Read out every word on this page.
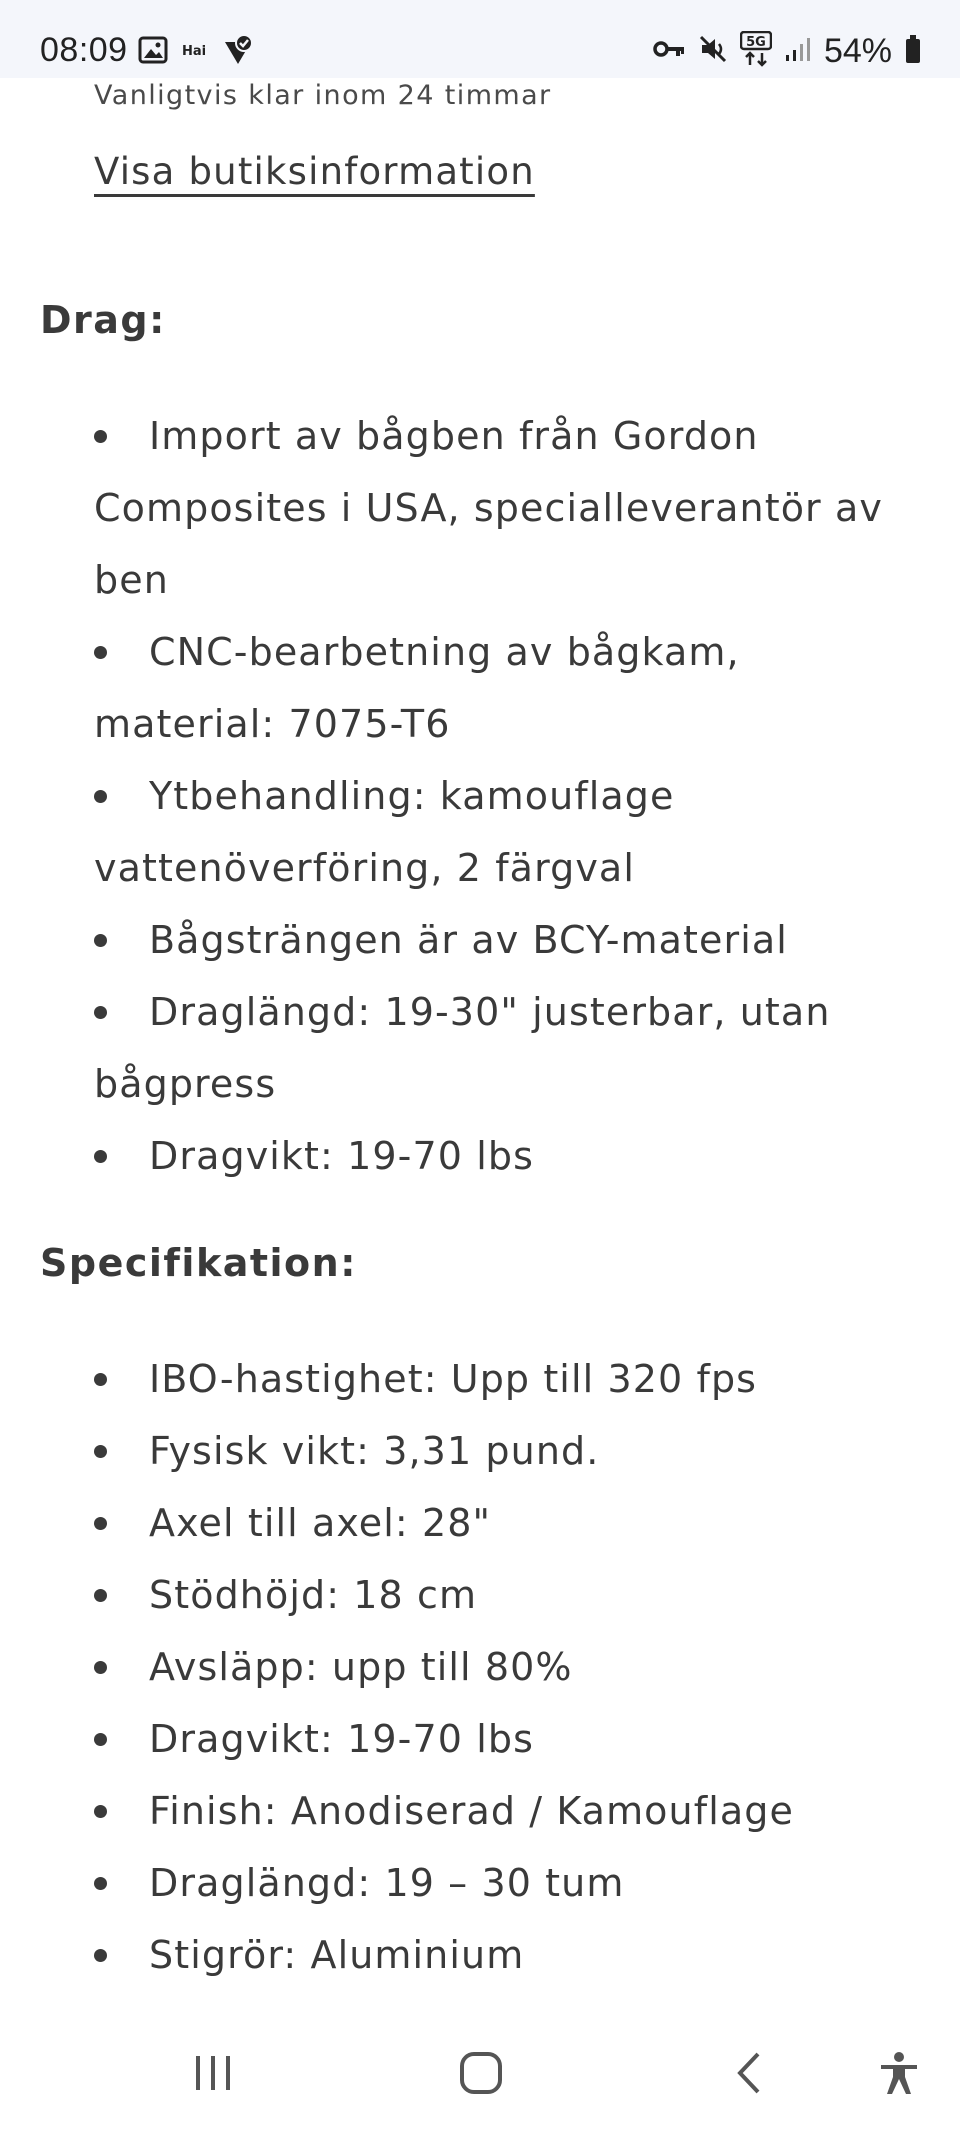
08:09	Hai
5G 54%
Vanligtvis klar inom 24 timmar
Visa butiksinformation
Drag:
Import av bågben från Gordon Composites i USA, specialleverantör av ben
CNC-bearbetning av bågkam, material: 7075-T6
Ytbehandling: kamouflage vattenöverföring, 2 färgval
Bågsträngen är av BCY-material
Draglängd: 19-30" justerbar, utan bågpress
Dragvikt: 19-70 lbs
Specifikation:
IBO-hastighet: Upp till 320 fps
Fysisk vikt: 3,31 pund.
Axel till axel: 28"
Stödhöjd: 18 cm
Avsläpp: upp till 80%
Dragvikt: 19-70 lbs
Finish: Anodiserad / Kamouflage
Draglängd: 19 – 30 tum
Stigrör: Aluminium
